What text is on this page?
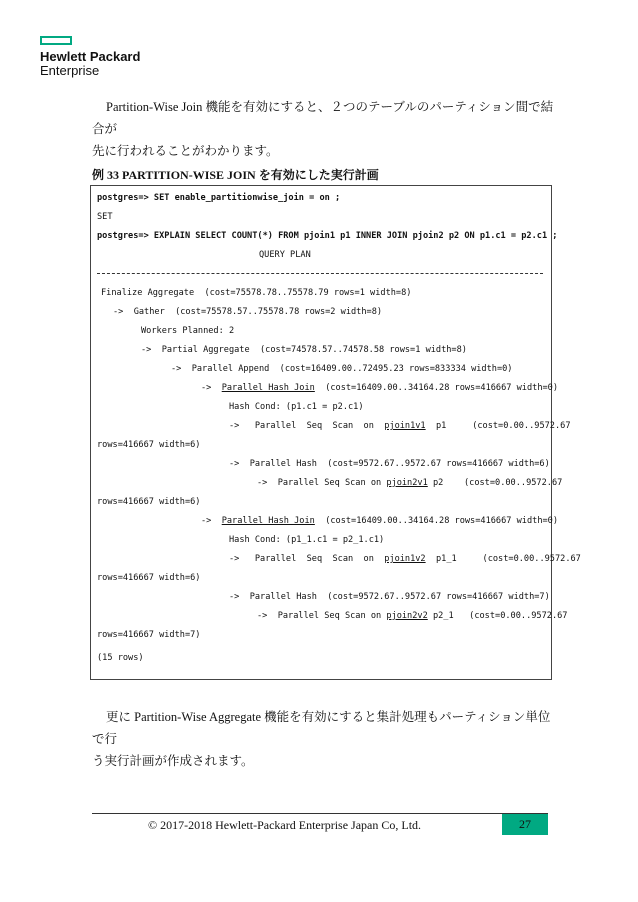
Hewlett Packard
Enterprise
Partition-Wise Join 機能を有効にすると、２つのテーブルのパーティション間で結合が
先に行われることがわかります。
例 33 PARTITION-WISE JOIN を有効にした実行計画
postgres=> SET enable_partitionwise_join = on ;
SET
postgres=> EXPLAIN SELECT COUNT(*) FROM pjoin1 p1 INNER JOIN pjoin2 p2 ON p1.c1 = p2.c1 ;
QUERY PLAN
Finalize Aggregate  (cost=75578.78..75578.79 rows=1 width=8)
->  Gather  (cost=75578.57..75578.78 rows=2 width=8)
Workers Planned: 2
->  Partial Aggregate  (cost=74578.57..74578.58 rows=1 width=8)
->  Parallel Append  (cost=16409.00..72495.23 rows=833334 width=0)
->  Parallel Hash Join  (cost=16409.00..34164.28 rows=416667 width=0)
Hash Cond: (p1.c1 = p2.c1)
->   Parallel  Seq  Scan  on  pjoin1v1  p1     (cost=0.00..9572.67
rows=416667 width=6)
->  Parallel Hash  (cost=9572.67..9572.67 rows=416667 width=6)
->  Parallel Seq Scan on pjoin2v1 p2    (cost=0.00..9572.67
rows=416667 width=6)
->  Parallel Hash Join  (cost=16409.00..34164.28 rows=416667 width=0)
Hash Cond: (p1_1.c1 = p2_1.c1)
->   Parallel  Seq  Scan  on  pjoin1v2  p1_1     (cost=0.00..9572.67
rows=416667 width=6)
->  Parallel Hash  (cost=9572.67..9572.67 rows=416667 width=7)
->  Parallel Seq Scan on pjoin2v2 p2_1   (cost=0.00..9572.67
rows=416667 width=7)
(15 rows)
更に Partition-Wise Aggregate 機能を有効にすると集計処理もパーティション単位で行
う実行計画が作成されます。
© 2017-2018 Hewlett-Packard Enterprise Japan Co, Ltd.	27
